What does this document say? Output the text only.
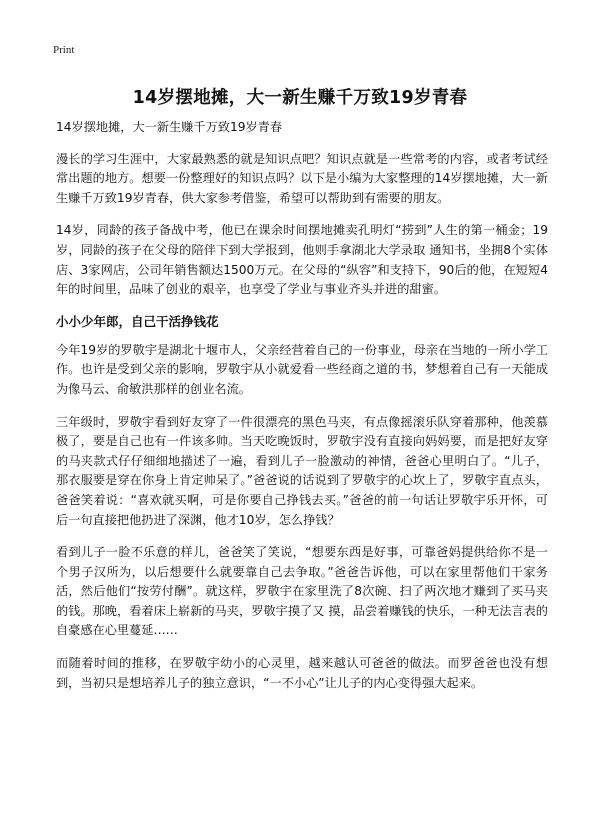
Print
14岁摆地摊，大一新生赚千万致19岁青春

14岁摆地摊，大一新生赚千万致19岁青春

漫长的学习生涯中，大家最熟悉的就是知识点吧？知识点就是一些常考的内容，或者考试经常出题的地方。想要一份整理好的知识点吗？以下是小编为大家整理的14岁摆地摊，大一新生赚千万致19岁青春，供大家参考借鉴，希望可以帮助到有需要的朋友。

14岁，同龄的孩子备战中考，他已在课余时间摆地摊卖孔明灯“捞到”人生的第一桶金；19岁，同龄的孩子在父母的陪伴下到大学报到，他则手拿湖北大学录取 通知书，坐拥8个实体店、3家网店，公司年销售额达1500万元。在父母的“纵容”和支持下，90后的他，在短短4年的时间里，品味了创业的艰辛，也享受了学业与事业齐头并进的甜蜜。

小小少年郎，自己干活挣钱花

今年19岁的罗敬宇是湖北十堰市人，父亲经营着自己的一份事业，母亲在当地的一所小学工作。也许是受到父亲的影响，罗敬宇从小就爱看一些经商之道的书，梦想着自己有一天能成为像马云、俞敏洪那样的创业名流。

三年级时，罗敬宇看到好友穿了一件很漂亮的黑色马夹，有点像摇滚乐队穿着那种，他羡慕极了，要是自己也有一件该多帅。当天吃晚饭时，罗敬宇没有直接向妈妈要，而是把好友穿的马夹款式仔仔细细地描述了一遍，看到儿子一脸激动的神情，爸爸心里明白了。“儿子，那衣服要是穿在你身上肯定帅呆了。”爸爸说的话说到了罗敬宇的心坎上了，罗敬宇直点头，爸爸笑着说：“喜欢就买啊，可是你要自己挣钱去买。”爸爸的前一句话让罗敬宇乐开怀，可后一句直接把他扔进了深渊，他才10岁，怎么挣钱？

看到儿子一脸不乐意的样儿，爸爸笑了笑说，“想要东西是好事，可靠爸妈提供给你不是一个男子汉所为，以后想要什么就要靠自己去争取。”爸爸告诉他，可以在家里帮他们干家务活，然后他们“按劳付酬”。就这样，罗敬宇在家里洗了8次碗、扫了两次地才赚到了买马夹的钱。那晚，看着床上崭新的马夹，罗敬宇摸了又 摸，品尝着赚钱的快乐，一种无法言表的自豪感在心里蔓延……

而随着时间的推移，在罗敬宇幼小的心灵里，越来越认可爸爸的做法。而罗爸爸也没有想到，当初只是想培养儿子的独立意识，“一不小心”让儿子的内心变得强大起来。
